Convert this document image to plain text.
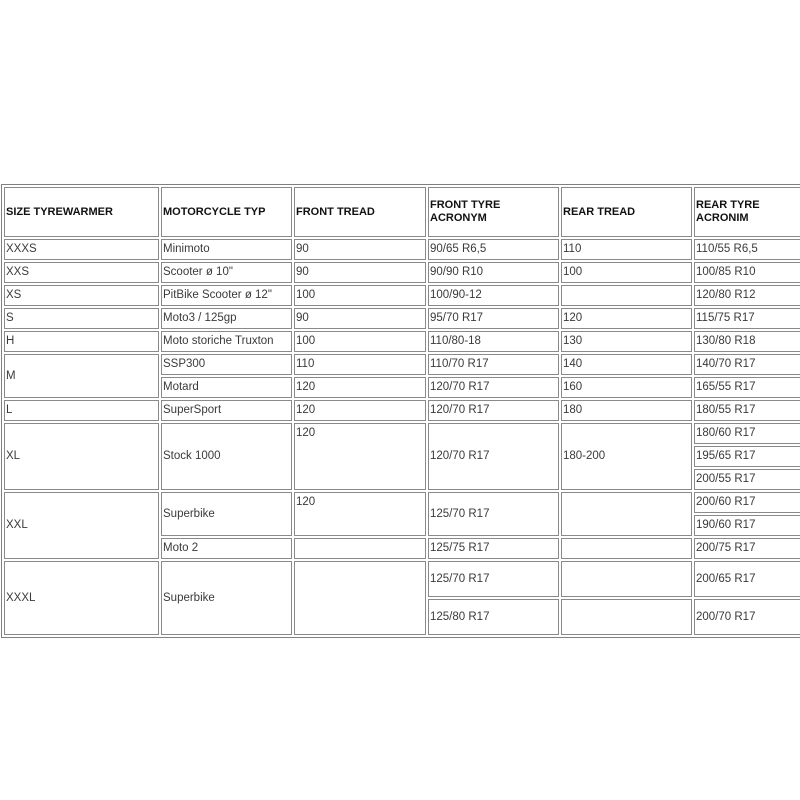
SIZE TYREWARMER	MOTORCYCLE TYP	FRONT TREAD	FRONT TYRE ACRONYM	REAR TREAD	REAR TYRE ACRONIM
XXXS	Minimoto	90	90/65 R6,5	110	110/55 R6,5
XXS	Scooter ø 10"	90	90/90 R10	100	100/85 R10
XS	PitBike Scooter ø 12"	100	100/90-12		120/80 R12
S	Moto3 / 125gp	90	95/70 R17	120	115/75 R17
H	Moto storiche Truxton	100	110/80-18	130	130/80 R18
M	SSP300	110	110/70 R17	140	140/70 R17
	Motard	120	120/70 R17	160	165/55 R17
L	SuperSport	120	120/70 R17	180	180/55 R17
XL	Stock 1000	120	120/70 R17	180-200	180/60 R17
					195/65 R17
					200/55 R17
XXL	Superbike	120	125/70 R17		200/60 R17
					190/60 R17
	Moto 2		125/75 R17		200/75 R17
XXXL	Superbike		125/70 R17		200/65 R17
			125/80 R17		200/70 R17
